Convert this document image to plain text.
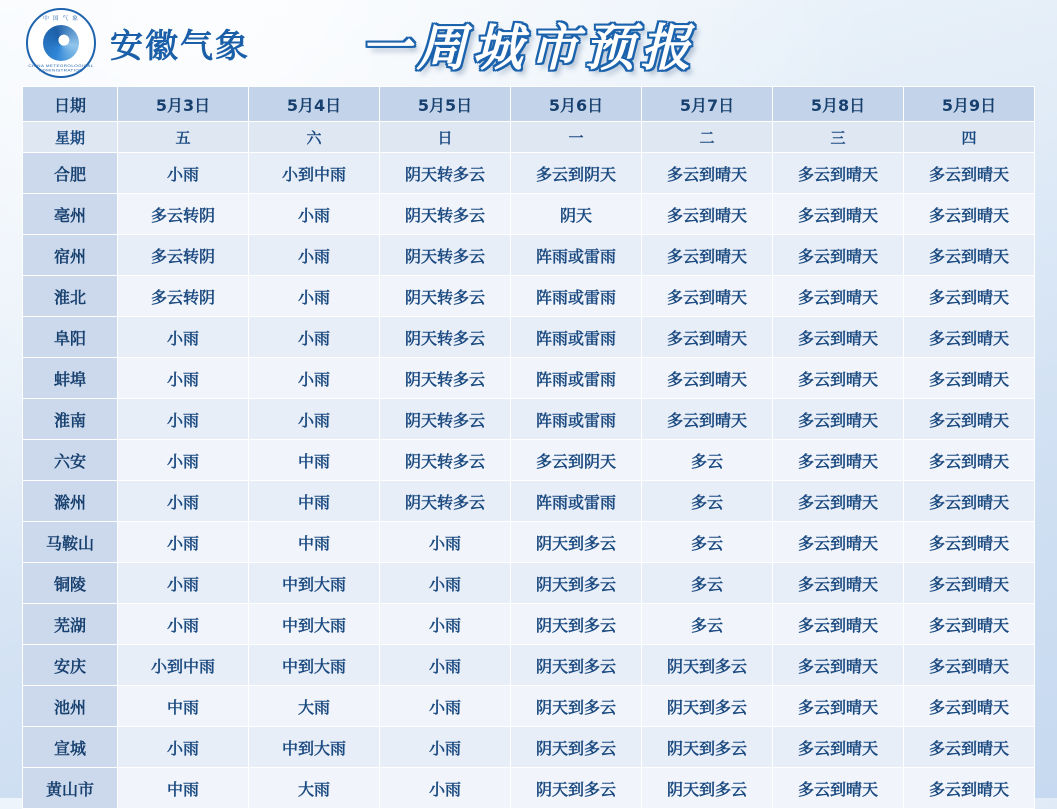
中 国 气 象
CHINA METEOROLOGICAL ADMINISTRATION
安徽气象	一周城市预报
日期	5月3日	5月4日	5月5日	5月6日	5月7日	5月8日	5月9日
星期	五	六	日	一	二	三	四
合肥	小雨	小到中雨	阴天转多云	多云到阴天	多云到晴天	多云到晴天	多云到晴天
亳州	多云转阴	小雨	阴天转多云	阴天	多云到晴天	多云到晴天	多云到晴天
宿州	多云转阴	小雨	阴天转多云	阵雨或雷雨	多云到晴天	多云到晴天	多云到晴天
淮北	多云转阴	小雨	阴天转多云	阵雨或雷雨	多云到晴天	多云到晴天	多云到晴天
阜阳	小雨	小雨	阴天转多云	阵雨或雷雨	多云到晴天	多云到晴天	多云到晴天
蚌埠	小雨	小雨	阴天转多云	阵雨或雷雨	多云到晴天	多云到晴天	多云到晴天
淮南	小雨	小雨	阴天转多云	阵雨或雷雨	多云到晴天	多云到晴天	多云到晴天
六安	小雨	中雨	阴天转多云	多云到阴天	多云	多云到晴天	多云到晴天
滁州	小雨	中雨	阴天转多云	阵雨或雷雨	多云	多云到晴天	多云到晴天
马鞍山	小雨	中雨	小雨	阴天到多云	多云	多云到晴天	多云到晴天
铜陵	小雨	中到大雨	小雨	阴天到多云	多云	多云到晴天	多云到晴天
芜湖	小雨	中到大雨	小雨	阴天到多云	多云	多云到晴天	多云到晴天
安庆	小到中雨	中到大雨	小雨	阴天到多云	阴天到多云	多云到晴天	多云到晴天
池州	中雨	大雨	小雨	阴天到多云	阴天到多云	多云到晴天	多云到晴天
宣城	小雨	中到大雨	小雨	阴天到多云	阴天到多云	多云到晴天	多云到晴天
黄山市	中雨	大雨	小雨	阴天到多云	阴天到多云	多云到晴天	多云到晴天
